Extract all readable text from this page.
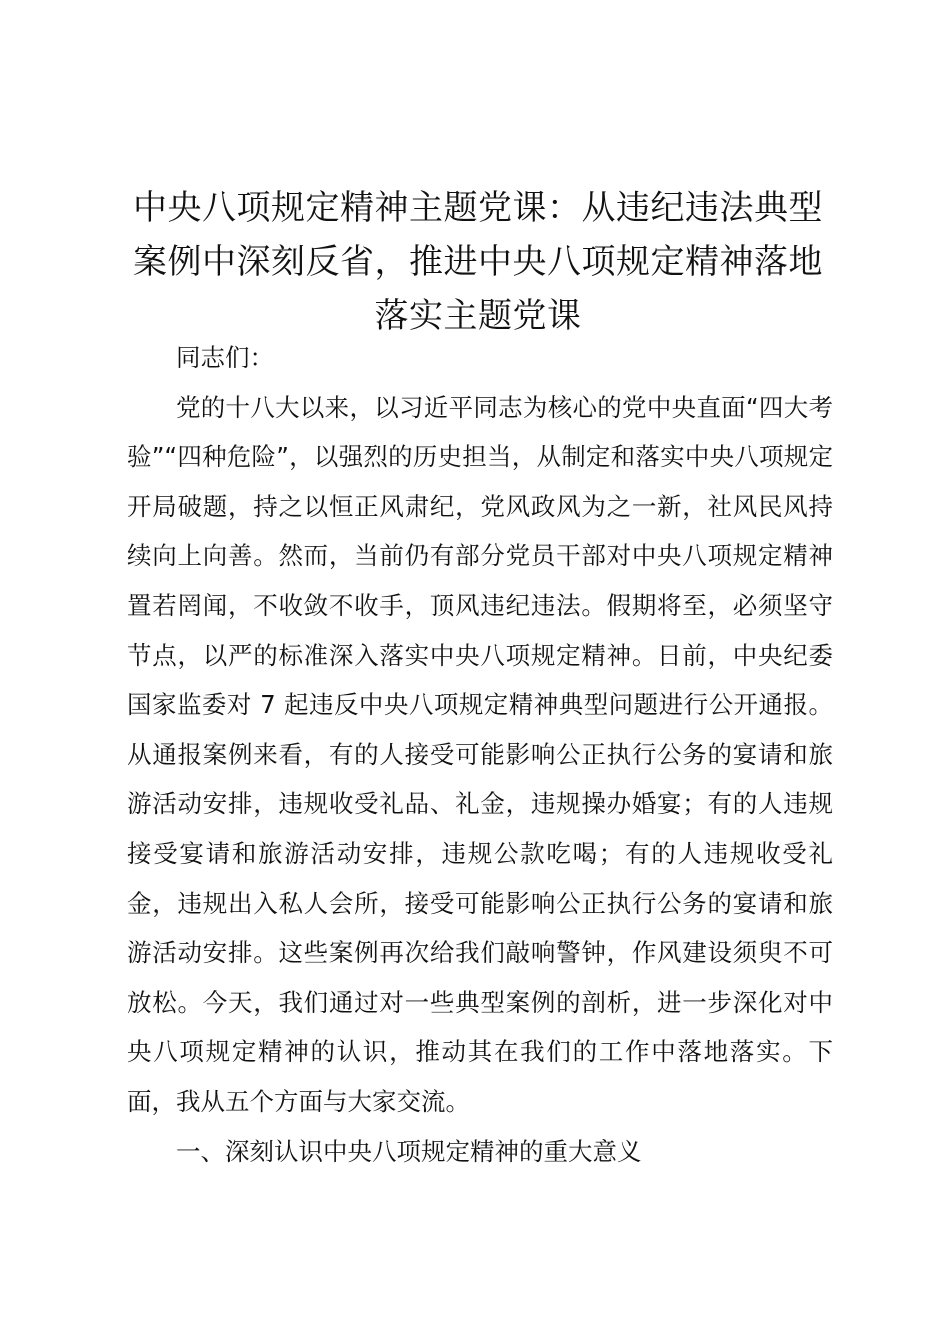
中央八项规定精神主题党课：从违纪违法典型
案例中深刻反省，推进中央八项规定精神落地
落实主题党课

同志们：

党的十八大以来，以习近平同志为核心的党中央直面“四大考验”“四种危险”，以强烈的历史担当，从制定和落实中央八项规定开局破题，持之以恒正风肃纪，党风政风为之一新，社风民风持续向上向善。然而，当前仍有部分党员干部对中央八项规定精神置若罔闻，不收敛不收手，顶风违纪违法。假期将至，必须坚守节点，以严的标准深入落实中央八项规定精神。日前，中央纪委国家监委对 7 起违反中央八项规定精神典型问题进行公开通报。从通报案例来看，有的人接受可能影响公正执行公务的宴请和旅游活动安排，违规收受礼品、礼金，违规操办婚宴；有的人违规接受宴请和旅游活动安排，违规公款吃喝；有的人违规收受礼金，违规出入私人会所，接受可能影响公正执行公务的宴请和旅游活动安排。这些案例再次给我们敲响警钟，作风建设须臾不可放松。今天，我们通过对一些典型案例的剖析，进一步深化对中央八项规定精神的认识，推动其在我们的工作中落地落实。下面，我从五个方面与大家交流。

一、深刻认识中央八项规定精神的重大意义
